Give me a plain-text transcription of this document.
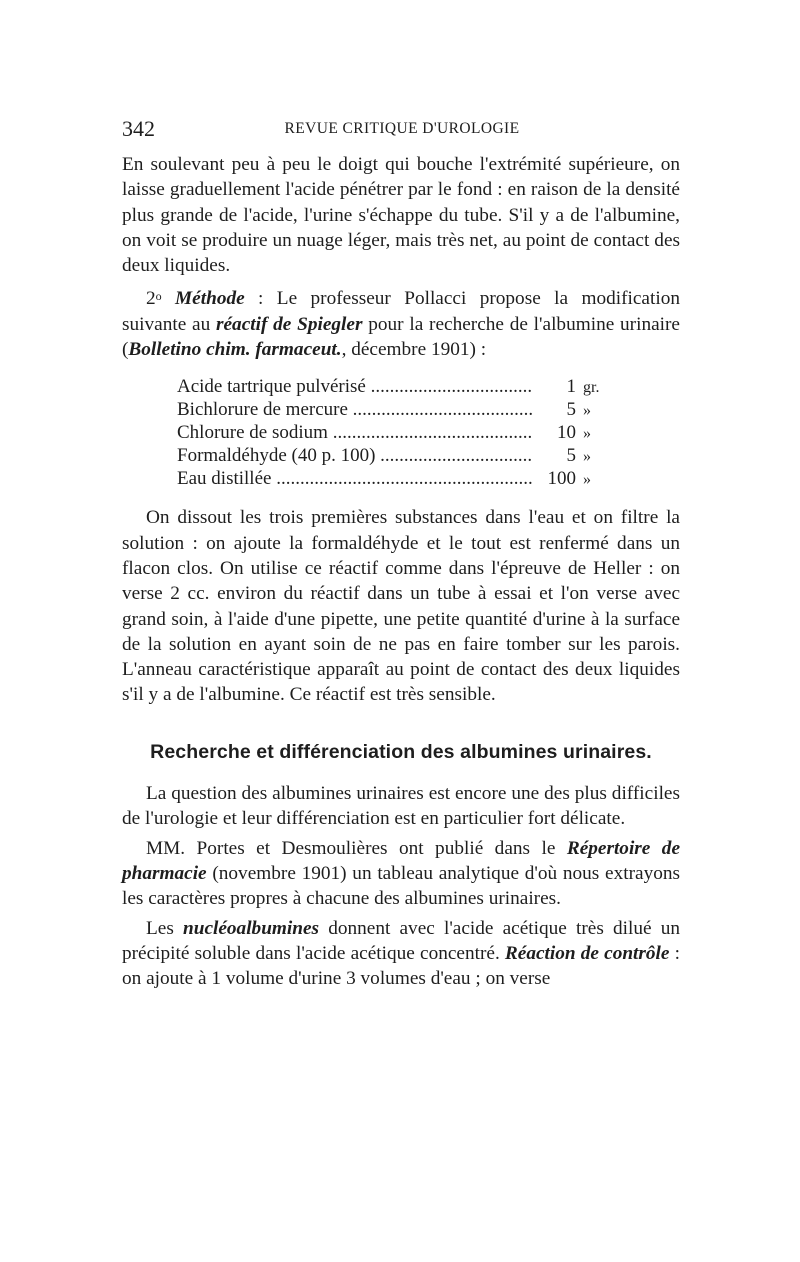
342	REVUE CRITIQUE D'UROLOGIE

En soulevant peu à peu le doigt qui bouche l'extrémité supérieure, on laisse graduellement l'acide pénétrer par le fond : en raison de la densité plus grande de l'acide, l'urine s'échappe du tube. S'il y a de l'albumine, on voit se produire un nuage léger, mais très net, au point de contact des deux liquides.

2$^o$ Méthode : Le professeur Pollacci propose la modification suivante au réactif de Spiegler pour la recherche de l'albumine urinaire (Bolletino chim. farmaceut., décembre 1901) :

Acide tartrique pulvérisé .....	1 gr.
Bichlorure de mercure .....	5 »
Chlorure de sodium .....	10 »
Formaldéhyde (40 p. 100) .....	5 »
Eau distillée .....	100 »

On dissout les trois premières substances dans l'eau et on filtre la solution : on ajoute la formaldéhyde et le tout est renfermé dans un flacon clos. On utilise ce réactif comme dans l'épreuve de Heller : on verse 2 cc. environ du réactif dans un tube à essai et l'on verse avec grand soin, à l'aide d'une pipette, une petite quantité d'urine à la surface de la solution en ayant soin de ne pas en faire tomber sur les parois. L'anneau caractéristique apparaît au point de contact des deux liquides s'il y a de l'albumine. Ce réactif est très sensible.

Recherche et différenciation des albumines urinaires.

La question des albumines urinaires est encore une des plus difficiles de l'urologie et leur différenciation est en particulier fort délicate.

MM. Portes et Desmoulières ont publié dans le Répertoire de pharmacie (novembre 1901) un tableau analytique d'où nous extrayons les caractères propres à chacune des albumines urinaires.

Les nucléoalbumines donnent avec l'acide acétique très dilué un précipité soluble dans l'acide acétique concentré. Réaction de contrôle : on ajoute à 1 volume d'urine 3 volumes d'eau ; on verse
